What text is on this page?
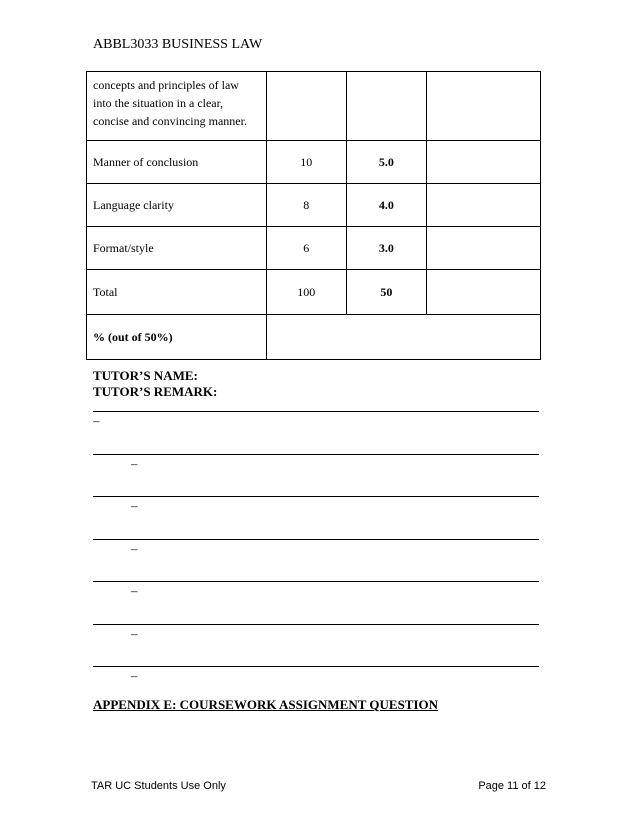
ABBL3033 BUSINESS LAW
concepts and principles of law into the situation in a clear, concise and convincing manner.			
Manner of conclusion	10	5.0	
Language clarity	8	4.0	
Format/style	6	3.0	
Total	100	50	
% (out of 50%)			
TUTOR’S NAME:
TUTOR’S REMARK:
–
–
–
–
–
–
–
APPENDIX E: COURSEWORK ASSIGNMENT QUESTION
TAR UC Students Use Only	Page 11 of 12
